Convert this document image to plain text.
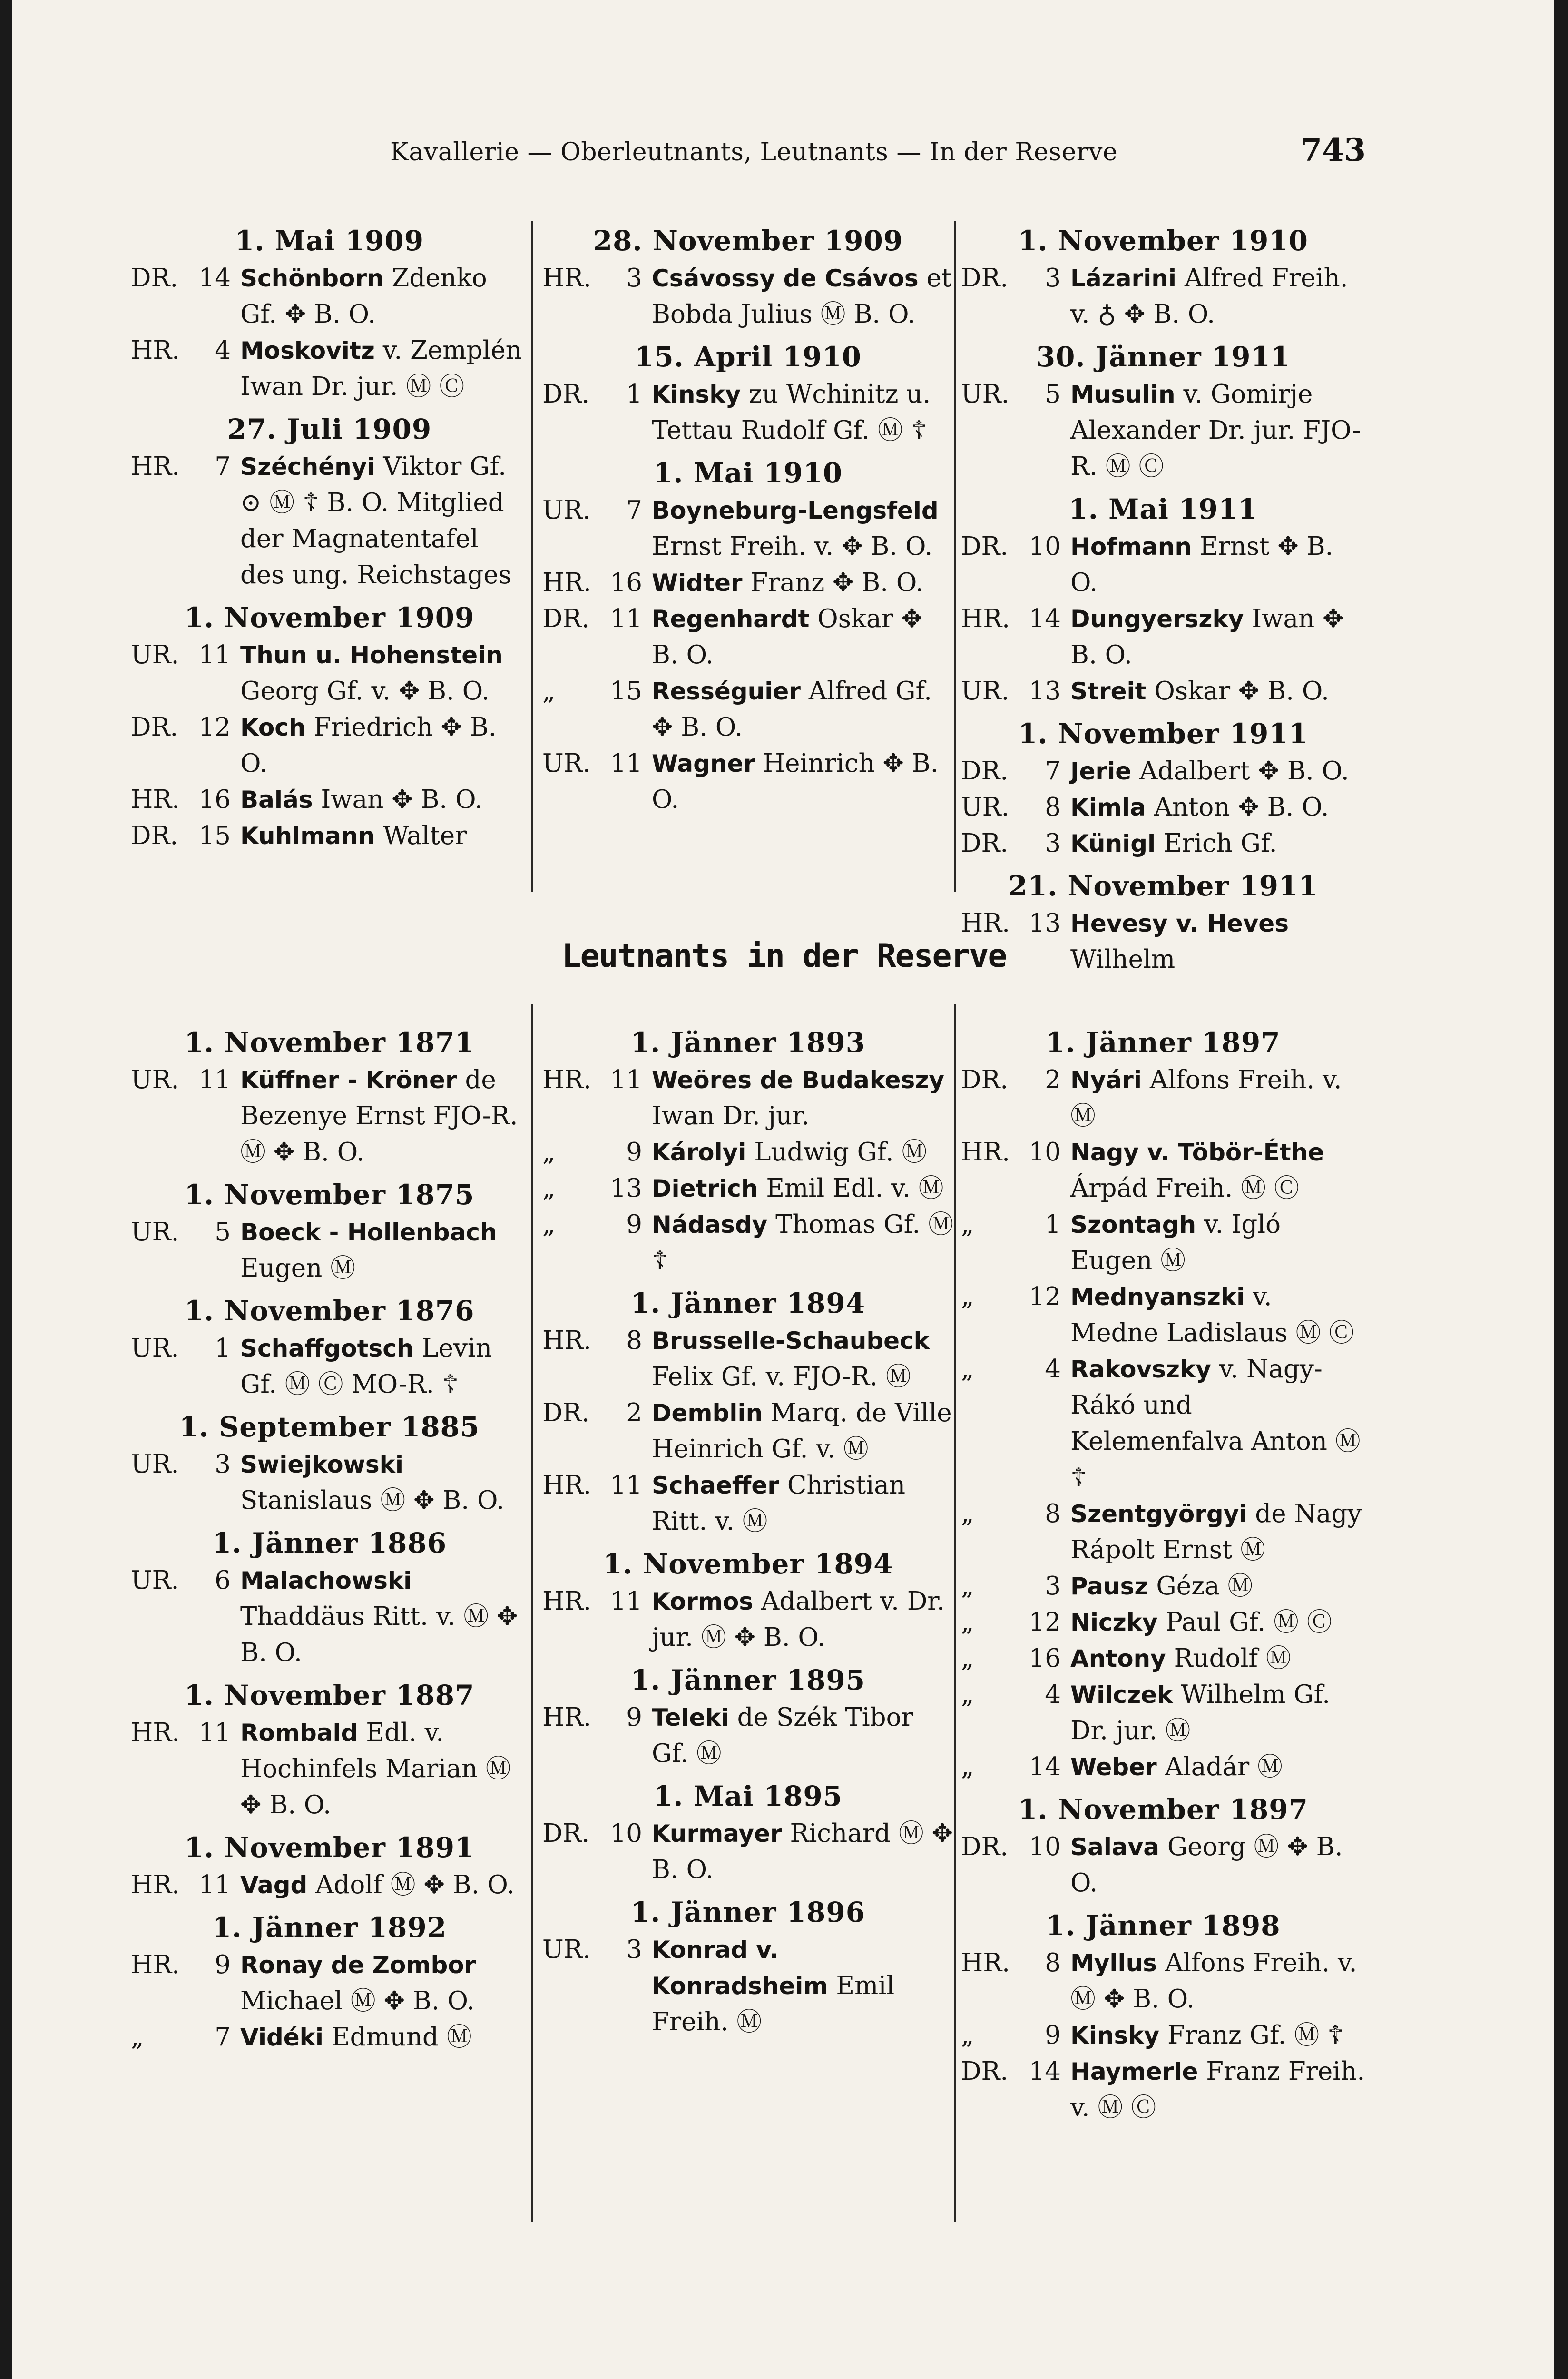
Kavallerie — Oberleutnants, Leutnants — In der Reserve	743
1. Mai 1909
DR. 14 Schönborn Zdenko Gf. ✥ B. O.
HR.	4 Moskovitz v. Zemplén Iwan Dr. jur. Ⓜ Ⓒ
27. Juli 1909
HR.	7 Széchényi Viktor Gf. ⊙ Ⓜ ☦ B. O. Mitglied der Magnatentafel des ung. Reichstages
1. November 1909
UR. 11 Thun u. Hohenstein Georg Gf. v. ✥ B. O.
DR. 12 Koch Friedrich ✥ B. O.
HR. 16 Balás Iwan ✥ B. O.
DR. 15 Kuhlmann Walter
28. November 1909
HR.	3 Csávossy de Csávos et Bobda Julius Ⓜ B. O.
15. April 1910
DR.	1 Kinsky zu Wchinitz u. Tettau Rudolf Gf. Ⓜ ☦
1. Mai 1910
UR.	7 Boyneburg-Lengsfeld Ernst Freih. v. ✥ B. O.
HR. 16 Widter Franz ✥ B. O.
DR. 11 Regenhardt Oskar ✥ B. O.
„	15 Rességuier Alfred Gf. ✥ B. O.
UR. 11 Wagner Heinrich ✥ B. O.
1. November 1910
DR.	3 Lázarini Alfred Freih. v. ♁ ✥ B. O.
30. Jänner 1911
UR.	5 Musulin v. Gomirje Alexander Dr. jur. FJO-R. Ⓜ Ⓒ
1. Mai 1911
DR. 10 Hofmann Ernst ✥ B. O.
HR. 14 Dungyerszky Iwan ✥ B. O.
UR. 13 Streit Oskar ✥ B. O.
1. November 1911
DR.	7 Jerie Adalbert ✥ B. O.
UR.	8 Kimla Anton ✥ B. O.
DR.	3 Künigl Erich Gf.
21. November 1911
HR. 13 Hevesy v. Heves Wilhelm
Leutnants in der Reserve
1. November 1871
UR. 11 Küffner - Kröner de Bezenye Ernst FJO-R. Ⓜ ✥ B. O.
1. November 1875
UR.	5 Boeck - Hollenbach Eugen Ⓜ
1. November 1876
UR.	1 Schaffgotsch Levin Gf. Ⓜ Ⓒ MO-R. ☦
1. September 1885
UR.	3 Swiejkowski Stanislaus Ⓜ ✥ B. O.
1. Jänner 1886
UR.	6 Malachowski Thaddäus Ritt. v. Ⓜ ✥ B. O.
1. November 1887
HR. 11 Rombald Edl. v. Hochinfels Marian Ⓜ ✥ B. O.
1. November 1891
HR. 11 Vagd Adolf Ⓜ ✥ B. O.
1. Jänner 1892
HR.	9 Ronay de Zombor Michael Ⓜ ✥ B. O.
„	7 Vidéki Edmund Ⓜ
1. Jänner 1893
HR. 11 Weöres de Budakeszy Iwan Dr. jur.
„	9 Károlyi Ludwig Gf. Ⓜ
„	13 Dietrich Emil Edl. v. Ⓜ
„	9 Nádasdy Thomas Gf. Ⓜ ☦
1. Jänner 1894
HR.	8 Brusselle-Schaubeck Felix Gf. v. FJO-R. Ⓜ
DR.	2 Demblin Marq. de Ville Heinrich Gf. v. Ⓜ
HR. 11 Schaeffer Christian Ritt. v. Ⓜ
1. November 1894
HR. 11 Kormos Adalbert v. Dr. jur. Ⓜ ✥ B. O.
1. Jänner 1895
HR.	9 Teleki de Szék Tibor Gf. Ⓜ
1. Mai 1895
DR. 10 Kurmayer Richard Ⓜ ✥ B. O.
1. Jänner 1896
UR.	3 Konrad v. Konradsheim Emil Freih. Ⓜ
1. Jänner 1897
DR.	2 Nyári Alfons Freih. v. Ⓜ
HR. 10 Nagy v. Töbör-Éthe Árpád Freih. Ⓜ Ⓒ
„	1 Szontagh v. Igló Eugen Ⓜ
„	12 Mednyanszki v. Medne Ladislaus Ⓜ Ⓒ
„	4 Rakovszky v. Nagy-Rákó und Kelemenfalva Anton Ⓜ ☦
„	8 Szentgyörgyi de Nagy Rápolt Ernst Ⓜ
„	3 Pausz Géza Ⓜ
„	12 Niczky Paul Gf. Ⓜ Ⓒ
„	16 Antony Rudolf Ⓜ
„	4 Wilczek Wilhelm Gf. Dr. jur. Ⓜ
„	14 Weber Aladár Ⓜ
1. November 1897
DR. 10 Salava Georg Ⓜ ✥ B. O.
1. Jänner 1898
HR.	8 Myllus Alfons Freih. v. Ⓜ ✥ B. O.
„	9 Kinsky Franz Gf. Ⓜ ☦
DR. 14 Haymerle Franz Freih. v. Ⓜ Ⓒ
